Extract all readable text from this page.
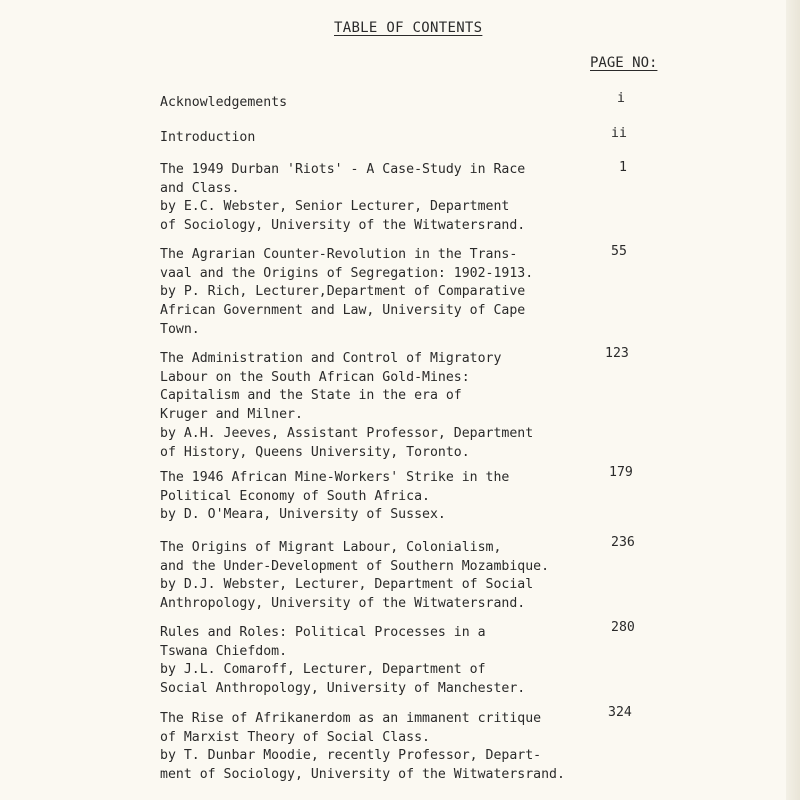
TABLE OF CONTENTS
PAGE NO:
Acknowledgements	i
Introduction	ii
The 1949 Durban 'Riots' - A Case-Study in Race
and Class.
by E.C. Webster, Senior Lecturer, Department
of Sociology, University of the Witwatersrand.
1
The Agrarian Counter-Revolution in the Trans-
vaal and the Origins of Segregation: 1902-1913.
by P. Rich, Lecturer,Department of Comparative
African Government and Law, University of Cape
Town.
55
The Administration and Control of Migratory
Labour on the South African Gold-Mines:
Capitalism and the State in the era of
Kruger and Milner.
by A.H. Jeeves, Assistant Professor, Department
of History, Queens University, Toronto.
123
The 1946 African Mine-Workers' Strike in the
Political Economy of South Africa.
by D. O'Meara, University of Sussex.
179
The Origins of Migrant Labour, Colonialism,
and the Under-Development of Southern Mozambique.
by D.J. Webster, Lecturer, Department of Social
Anthropology, University of the Witwatersrand.
236
Rules and Roles: Political Processes in a
Tswana Chiefdom.
by J.L. Comaroff, Lecturer, Department of
Social Anthropology, University of Manchester.
280
The Rise of Afrikanerdom as an immanent critique
of Marxist Theory of Social Class.
by T. Dunbar Moodie, recently Professor, Depart-
ment of Sociology, University of the Witwatersrand.
324
